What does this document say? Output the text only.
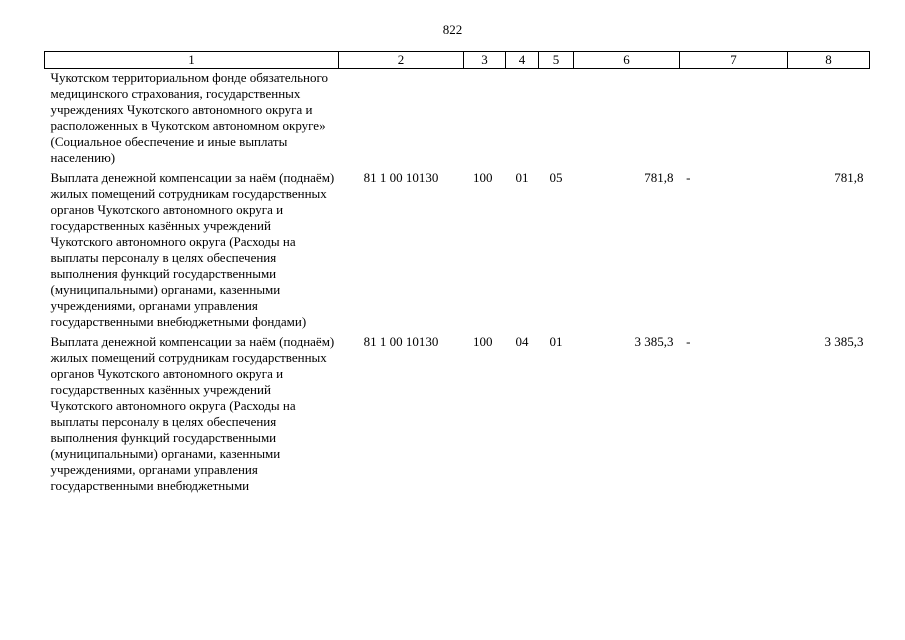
822
1	2	3	4	5	6	7	8
Чукотском территориальном фонде обязательного медицинского страхования, государственных учреждениях Чукотского автономного округа и расположенных в Чукотском автономном округе» (Социальное обеспечение и иные выплаты населению)							
Выплата денежной компенсации за наём (поднаём) жилых помещений сотрудникам государственных органов Чукотского автономного округа и государственных казённых учреждений Чукотского автономного округа (Расходы на выплаты персоналу в целях обеспечения выполнения функций государственными (муниципальными) органами, казенными учреждениями, органами управления государственными внебюджетными фондами)	81 1 00 10130	100	01	05	781,8	-	781,8
Выплата денежной компенсации за наём (поднаём) жилых помещений сотрудникам государственных органов Чукотского автономного округа и государственных казённых учреждений Чукотского автономного округа (Расходы на выплаты персоналу в целях обеспечения выполнения функций государственными (муниципальными) органами, казенными учреждениями, органами управления государственными внебюджетными	81 1 00 10130	100	04	01	3 385,3	-	3 385,3
